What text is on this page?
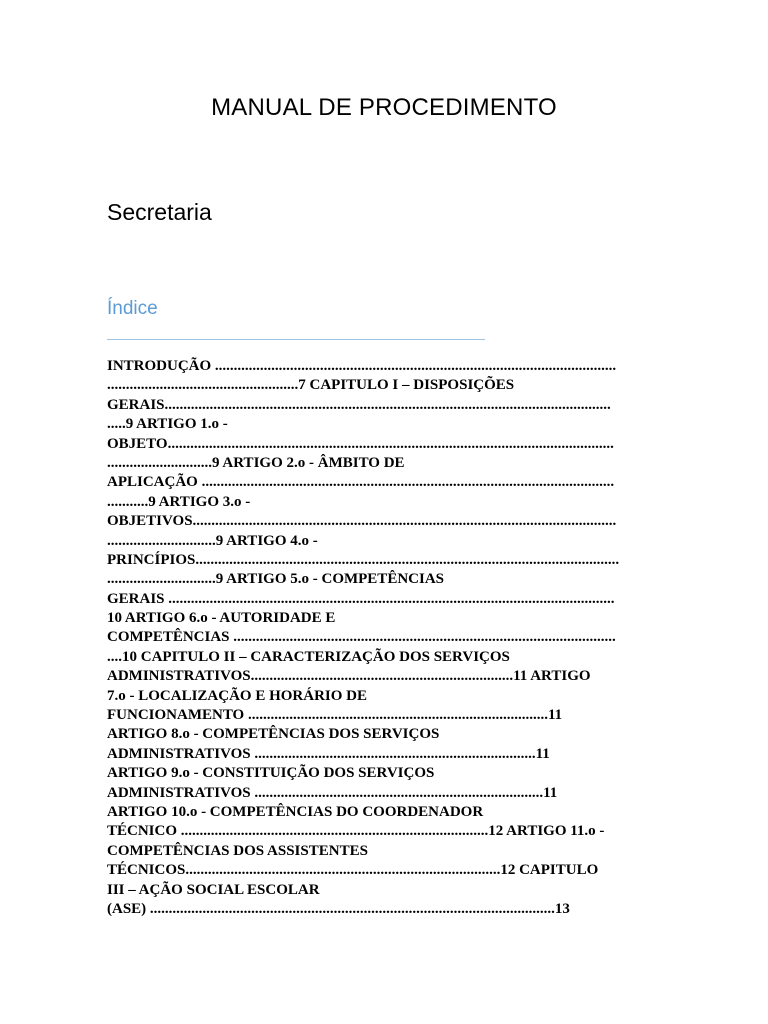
MANUAL DE PROCEDIMENTO
Secretaria
Índice
INTRODUÇÃO ...........................................................................................................
...................................................7 CAPITULO I – DISPOSIÇÕES
GERAIS.......................................................................................................................
.....9 ARTIGO 1.o -
OBJETO.......................................................................................................................
............................9 ARTIGO 2.o - ÂMBITO DE
APLICAÇÃO ..............................................................................................................
...........9 ARTIGO 3.o -
OBJETIVOS.................................................................................................................
.............................9 ARTIGO 4.o -
PRINCÍPIOS.................................................................................................................
.............................9 ARTIGO 5.o - COMPETÊNCIAS
GERAIS .......................................................................................................................
10 ARTIGO 6.o - AUTORIDADE E
COMPETÊNCIAS ......................................................................................................
....10 CAPITULO II – CARACTERIZAÇÃO DOS SERVIÇOS
ADMINISTRATIVOS......................................................................11 ARTIGO
7.o - LOCALIZAÇÃO E HORÁRIO DE
FUNCIONAMENTO ................................................................................11
ARTIGO 8.o - COMPETÊNCIAS DOS SERVIÇOS
ADMINISTRATIVOS ...........................................................................11
ARTIGO 9.o - CONSTITUIÇÃO DOS SERVIÇOS
ADMINISTRATIVOS .............................................................................11
ARTIGO 10.o - COMPETÊNCIAS DO COORDENADOR
TÉCNICO ..................................................................................12 ARTIGO 11.o -
COMPETÊNCIAS DOS ASSISTENTES
TÉCNICOS....................................................................................12 CAPITULO
III – AÇÃO SOCIAL ESCOLAR
(ASE) ............................................................................................................13
